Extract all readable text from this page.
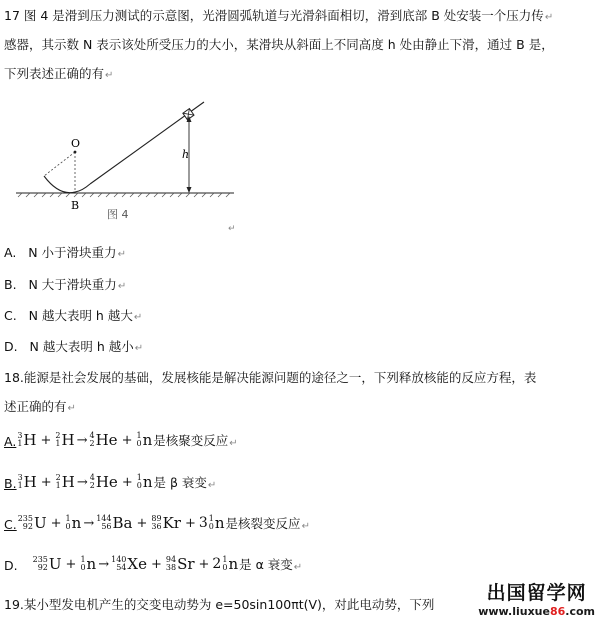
17 图 4 是滑到压力测试的示意图，光滑圆弧轨道与光滑斜面相切，滑到底部 B 处安装一个压力传↵
感器，其示数 N 表示该处所受压力的大小，某滑块从斜面上不同高度 h 处由静止下滑，通过 B 是，
下列表述正确的有↵
O
B
h
图 4
↵
A. N 小于滑块重力↵
B. N 大于滑块重力↵
C. N 越大表明 h 越大↵
D. N 越大表明 h 越小↵
18.能源是社会发展的基础，发展核能是解决能源问题的途径之一，下列释放核能的反应方程，表
述正确的有↵
A. 3
1 H + 2
1 H → 4
2 He + 1
0 n 是核聚变反应 ↵
B. 3
1 H + 2
1 H → 4
2 He + 1
0 n 是 β 衰变 ↵
C. 235
92 U + 1
0 n → 144
56 Ba + 89
36 Kr + 3 1
0 n 是核裂变反应 ↵
D. 235
92 U + 1
0 n → 140
54 Xe + 94
38 Sr + 2 1
0 n 是 α 衰变 ↵
19.某小型发电机产生的交变电动势为 e=50sin100πt(V)，对此电动势，下列
出国留学网
www.liuxue86.com
